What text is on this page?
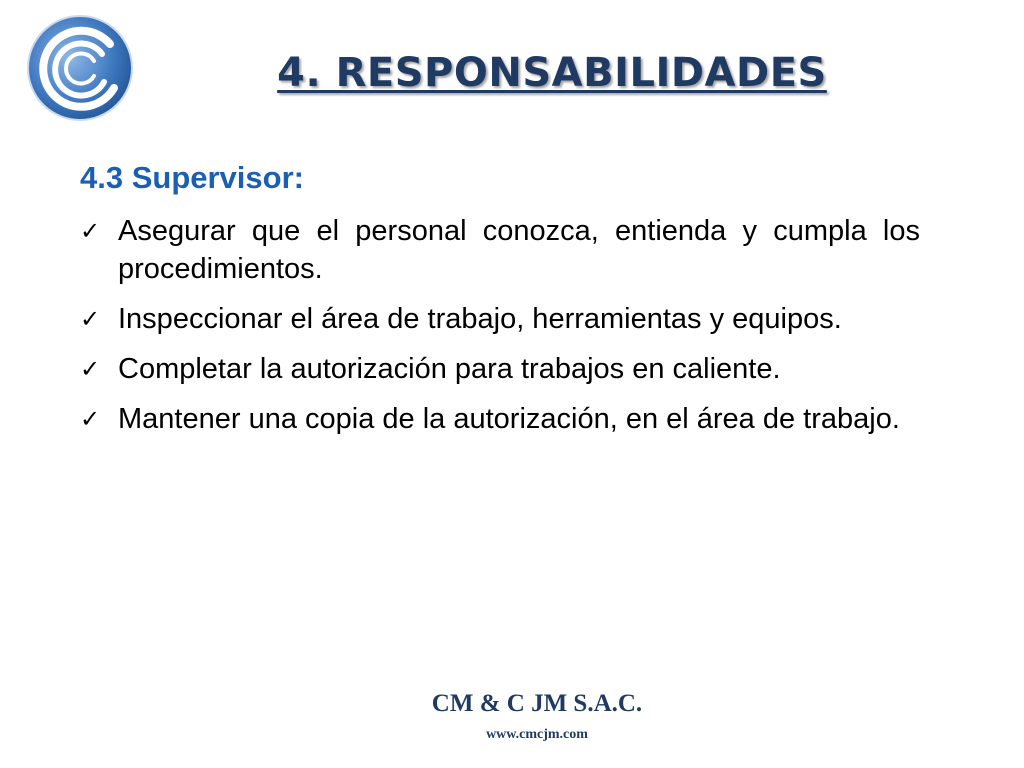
4. RESPONSABILIDADES
4.3 Supervisor:
✓ Asegurar que el personal conozca, entienda y cumpla los procedimientos.
✓ Inspeccionar el área de trabajo, herramientas y equipos.
✓ Completar la autorización para trabajos en caliente.
✓ Mantener una copia de la autorización, en el área de trabajo.
CM & C JM S.A.C.
www.cmcjm.com
